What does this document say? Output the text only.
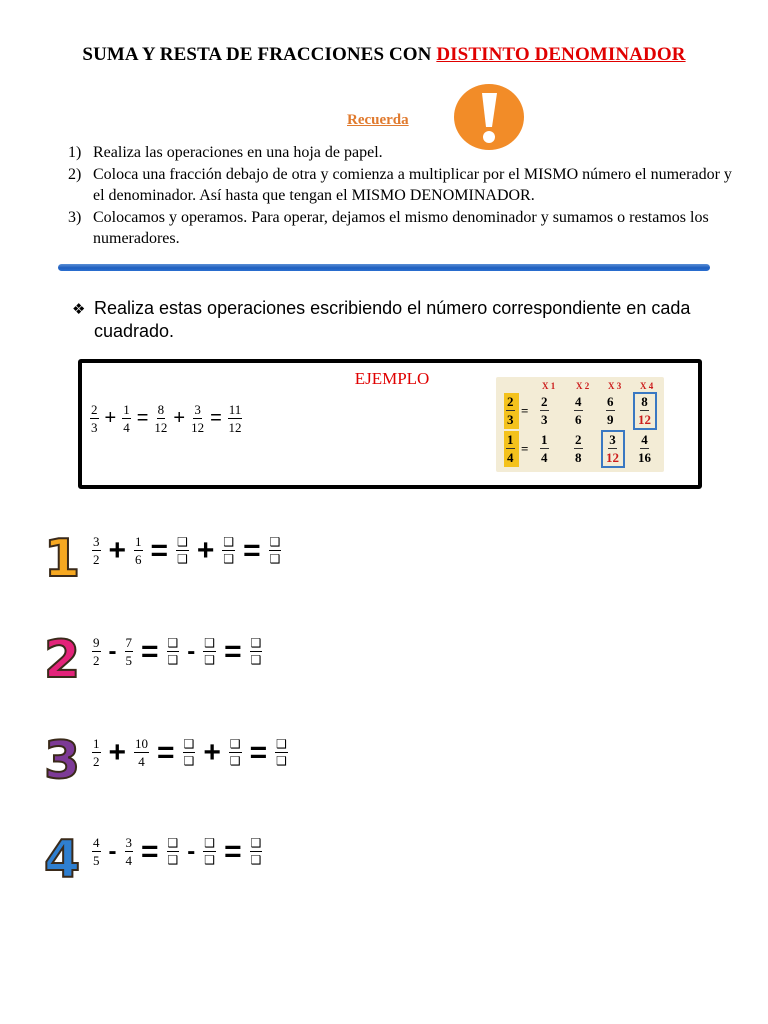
SUMA Y RESTA DE FRACCIONES CON DISTINTO DENOMINADOR
Recuerda
1) Realiza las operaciones en una hoja de papel.
2) Coloca una fracción debajo de otra y comienza a multiplicar por el MISMO número el numerador y el denominador. Así hasta que tengan el MISMO DENOMINADOR.
3) Colocamos y operamos. Para operar, dejamos el mismo denominador y sumamos o restamos los numeradores.
❖ Realiza estas operaciones escribiendo el número correspondiente en cada cuadrado.
EJEMPLO
$\frac{2}{3} + \frac{1}{4} = \frac{8}{12} + \frac{3}{12} = \frac{11}{12}$
X 1 X 2 X 3 X 4
$\frac{2}{3} = \frac{2}{3} \frac{4}{6} \frac{6}{9} \frac{8}{12}$
$\frac{1}{4} = \frac{1}{4} \frac{2}{8} \frac{3}{12} \frac{4}{16}$
$1 \frac{3}{2} + \frac{1}{6} = \frac{❑}{❑} + \frac{❑}{❑} = \frac{❑}{❑}$
$2 \frac{9}{2} - \frac{7}{5} = \frac{❑}{❑} - \frac{❑}{❑} = \frac{❑}{❑}$
$3 \frac{1}{2} + \frac{10}{4} = \frac{❑}{❑} + \frac{❑}{❑} = \frac{❑}{❑}$
$4 \frac{4}{5} - \frac{3}{4} = \frac{❑}{❑} - \frac{❑}{❑} = \frac{❑}{❑}$
